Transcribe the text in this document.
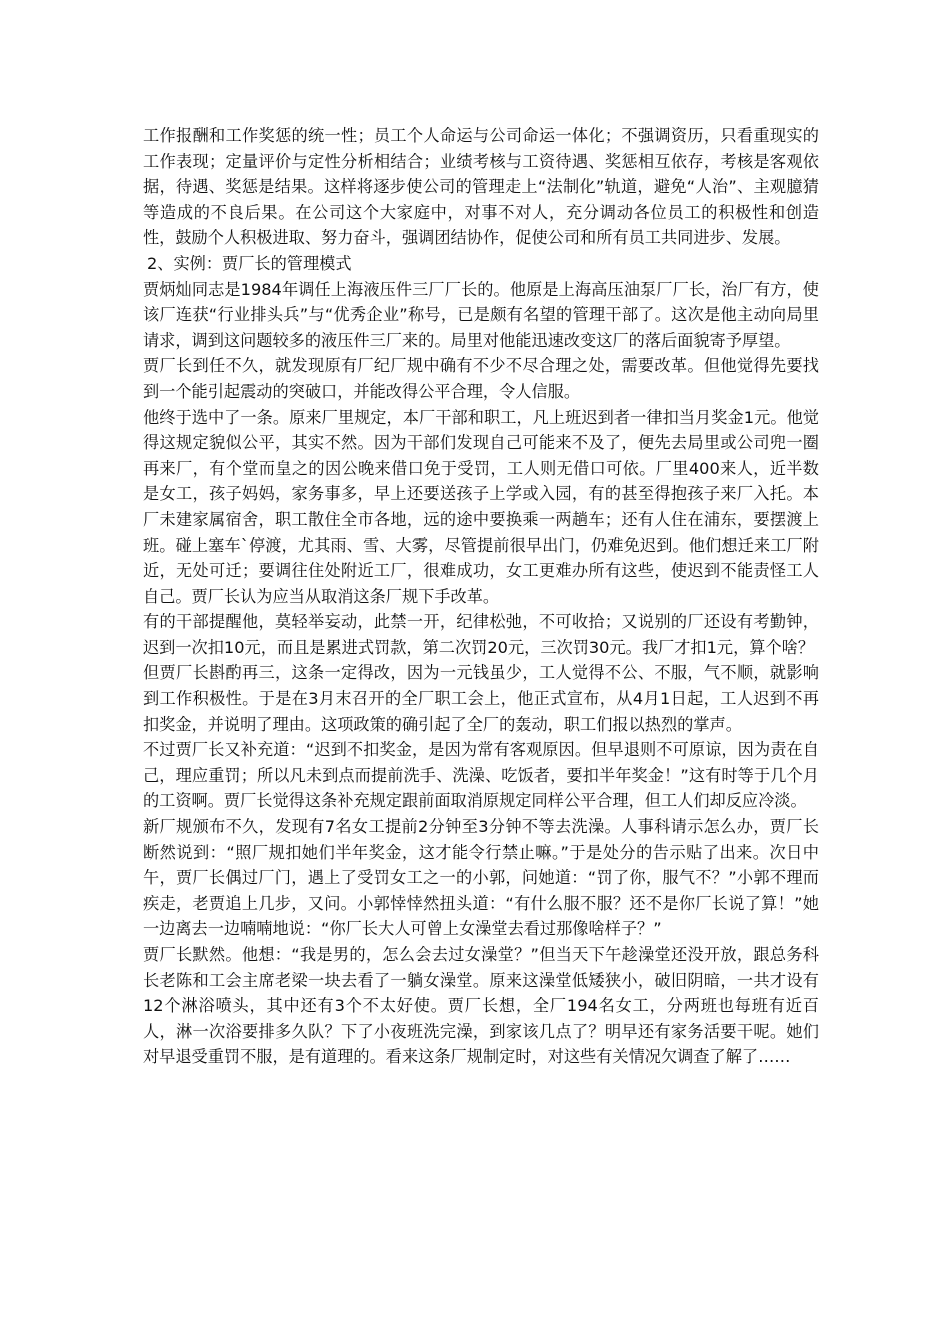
工作报酬和工作奖惩的统一性；员工个人命运与公司命运一体化；不强调资历，只看重现实的工作表现；定量评价与定性分析相结合；业绩考核与工资待遇、奖惩相互依存，考核是客观依据，待遇、奖惩是结果。这样将逐步使公司的管理走上“法制化”轨道，避免“人治”、主观臆猜等造成的不良后果。在公司这个大家庭中，对事不对人，充分调动各位员工的积极性和创造性，鼓励个人积极进取、努力奋斗，强调团结协作，促使公司和所有员工共同进步、发展。

2、实例：贾厂长的管理模式

贾炳灿同志是1984年调任上海液压件三厂厂长的。他原是上海高压油泵厂厂长，治厂有方，使该厂连获“行业排头兵”与“优秀企业”称号，已是颇有名望的管理干部了。这次是他主动向局里请求，调到这问题较多的液压件三厂来的。局里对他能迅速改变这厂的落后面貌寄予厚望。

贾厂长到任不久，就发现原有厂纪厂规中确有不少不尽合理之处，需要改革。但他觉得先要找到一个能引起震动的突破口，并能改得公平合理，令人信服。

他终于选中了一条。原来厂里规定，本厂干部和职工，凡上班迟到者一律扣当月奖金1元。他觉得这规定貌似公平，其实不然。因为干部们发现自己可能来不及了，便先去局里或公司兜一圈再来厂，有个堂而皇之的因公晚来借口免于受罚，工人则无借口可依。厂里400来人，近半数是女工，孩子妈妈，家务事多，早上还要送孩子上学或入园，有的甚至得抱孩子来厂入托。本厂未建家属宿舍，职工散住全市各地，远的途中要换乘一两趟车；还有人住在浦东，要摆渡上班。碰上塞车`停渡，尤其雨、雪、大雾，尽管提前很早出门，仍难免迟到。他们想迁来工厂附近，无处可迁；要调往住处附近工厂，很难成功，女工更难办所有这些，使迟到不能责怪工人自己。贾厂长认为应当从取消这条厂规下手改革。

有的干部提醒他，莫轻举妄动，此禁一开，纪律松弛，不可收拾；又说别的厂还设有考勤钟，迟到一次扣10元，而且是累进式罚款，第二次罚20元，三次罚30元。我厂才扣1元，算个啥？

但贾厂长斟酌再三，这条一定得改，因为一元钱虽少，工人觉得不公、不服，气不顺，就影响到工作积极性。于是在3月末召开的全厂职工会上，他正式宣布，从4月1日起，工人迟到不再扣奖金，并说明了理由。这项政策的确引起了全厂的轰动，职工们报以热烈的掌声。

不过贾厂长又补充道：“迟到不扣奖金，是因为常有客观原因。但早退则不可原谅，因为责在自己，理应重罚；所以凡未到点而提前洗手、洗澡、吃饭者，要扣半年奖金！”这有时等于几个月的工资啊。贾厂长觉得这条补充规定跟前面取消原规定同样公平合理，但工人们却反应冷淡。

新厂规颁布不久，发现有7名女工提前2分钟至3分钟不等去洗澡。人事科请示怎么办，贾厂长断然说到：“照厂规扣她们半年奖金，这才能令行禁止嘛。”于是处分的告示贴了出来。次日中午，贾厂长偶过厂门，遇上了受罚女工之一的小郭，问她道：“罚了你，服气不？”小郭不理而疾走，老贾追上几步，又问。小郭悻悻然扭头道：“有什么服不服？还不是你厂长说了算！”她一边离去一边喃喃地说：“你厂长大人可曾上女澡堂去看过那像啥样子？”

贾厂长默然。他想：“我是男的，怎么会去过女澡堂？”但当天下午趁澡堂还没开放，跟总务科长老陈和工会主席老梁一块去看了一躺女澡堂。原来这澡堂低矮狭小，破旧阴暗，一共才设有12个淋浴喷头，其中还有3个不太好使。贾厂长想，全厂194名女工，分两班也每班有近百人，淋一次浴要排多久队？下了小夜班洗完澡，到家该几点了？明早还有家务活要干呢。她们对早退受重罚不服，是有道理的。看来这条厂规制定时，对这些有关情况欠调查了解了……
